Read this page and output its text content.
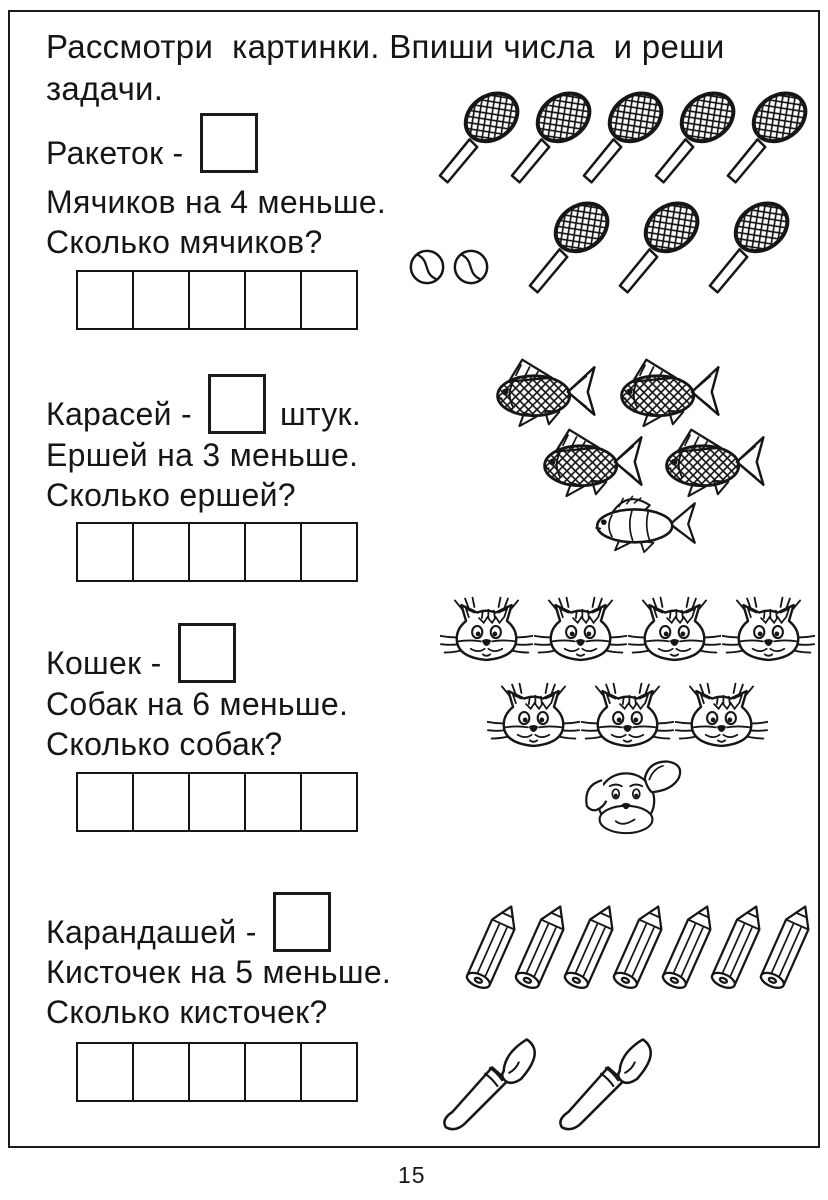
Рассмотри  картинки. Впиши числа  и реши
задачи.
Ракеток -
Мячиков на 4 меньше.
Сколько мячиков?
Карасей -	штук.
Ершей на 3 меньше.
Сколько ершей?
Кошек -
Собак на 6 меньше.
Сколько собак?
Карандашей -
Кисточек на 5 меньше.
Сколько кисточек?
15
